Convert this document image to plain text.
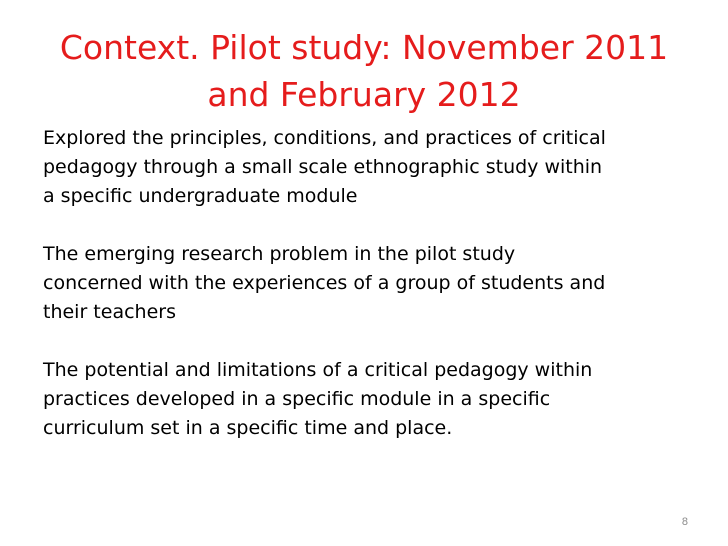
Context. Pilot study: November 2011
and February 2012

Explored the principles, conditions, and practices of critical
pedagogy through a small scale ethnographic study within
a specific undergraduate module

The emerging research problem in the pilot study
concerned with the experiences of a group of students and
their teachers

The potential and limitations of a critical pedagogy within
practices developed in a specific module in a specific
curriculum set in a specific time and place.

8
